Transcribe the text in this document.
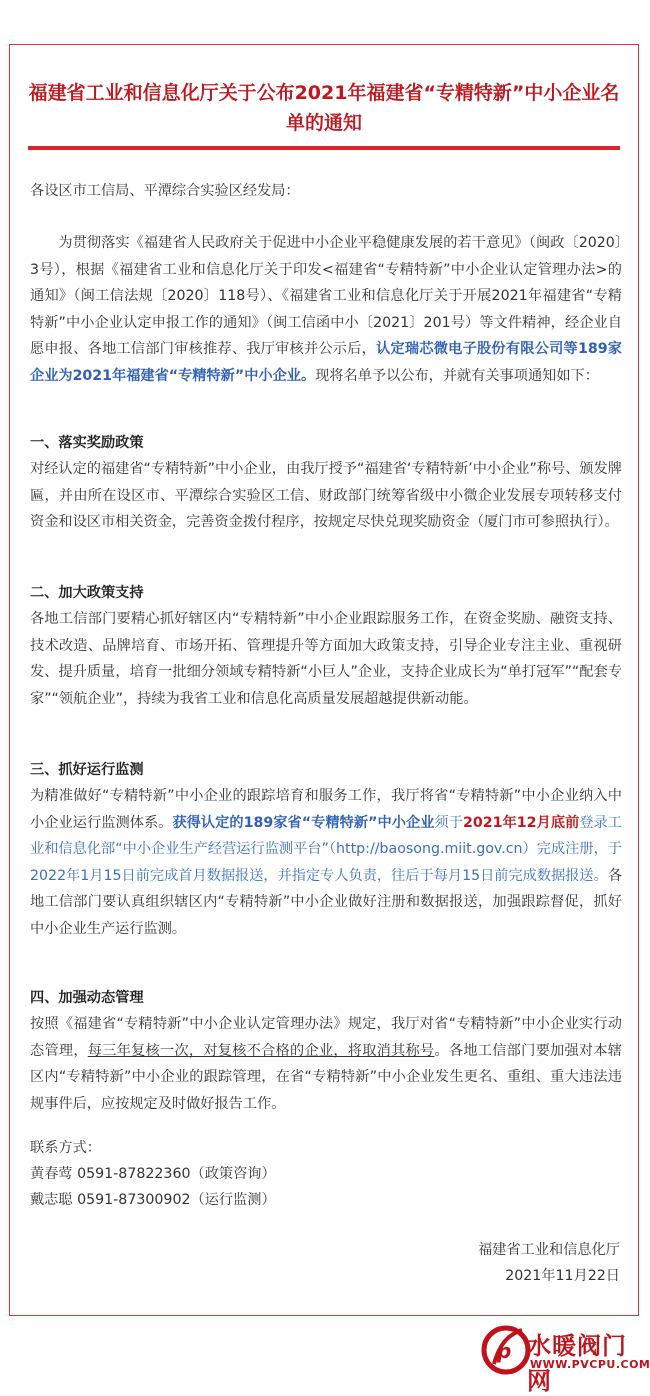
福建省工业和信息化厅关于公布2021年福建省“专精特新”中小企业名单的通知

各设区市工信局、平潭综合实验区经发局：

为贯彻落实《福建省人民政府关于促进中小企业平稳健康发展的若干意见》（闽政〔2020〕3号），根据《福建省工业和信息化厅关于印发<福建省“专精特新”中小企业认定管理办法>的通知》（闽工信法规〔2020〕118号）、《福建省工业和信息化厅关于开展2021年福建省“专精特新”中小企业认定申报工作的通知》（闽工信函中小〔2021〕201号）等文件精神，经企业自愿申报、各地工信部门审核推荐、我厅审核并公示后，认定瑞芯微电子股份有限公司等189家企业为2021年福建省“专精特新”中小企业。现将名单予以公布，并就有关事项通知如下：

一、落实奖励政策

对经认定的福建省“专精特新”中小企业，由我厅授予“福建省‘专精特新’中小企业”称号、颁发牌匾，并由所在设区市、平潭综合实验区工信、财政部门统筹省级中小微企业发展专项转移支付资金和设区市相关资金，完善资金拨付程序，按规定尽快兑现奖励资金（厦门市可参照执行）。

二、加大政策支持

各地工信部门要精心抓好辖区内“专精特新”中小企业跟踪服务工作，在资金奖励、融资支持、技术改造、品牌培育、市场开拓、管理提升等方面加大政策支持，引导企业专注主业、重视研发、提升质量，培育一批细分领域专精特新“小巨人”企业，支持企业成长为“单打冠军”“配套专家”“领航企业”，持续为我省工业和信息化高质量发展超越提供新动能。

三、抓好运行监测

为精准做好“专精特新”中小企业的跟踪培育和服务工作，我厅将省“专精特新”中小企业纳入中小企业运行监测体系。获得认定的189家省“专精特新”中小企业须于2021年12月底前登录工业和信息化部“中小企业生产经营运行监测平台”（http://baosong.miit.gov.cn）完成注册，于2022年1月15日前完成首月数据报送，并指定专人负责，往后于每月15日前完成数据报送。各地工信部门要认真组织辖区内“专精特新”中小企业做好注册和数据报送，加强跟踪督促，抓好中小企业生产运行监测。

四、加强动态管理

按照《福建省“专精特新”中小企业认定管理办法》规定，我厅对省“专精特新”中小企业实行动态管理，每三年复核一次，对复核不合格的企业，将取消其称号。各地工信部门要加强对本辖区内“专精特新”中小企业的跟踪管理，在省“专精特新”中小企业发生更名、重组、重大违法违规事件后，应按规定及时做好报告工作。

联系方式：

黄春莺 0591-87822360（政策咨询）

戴志聪 0591-87300902（运行监测）

福建省工业和信息化厅

2021年11月22日

p 水暖阀门网
WWW.PVCPU.COM
